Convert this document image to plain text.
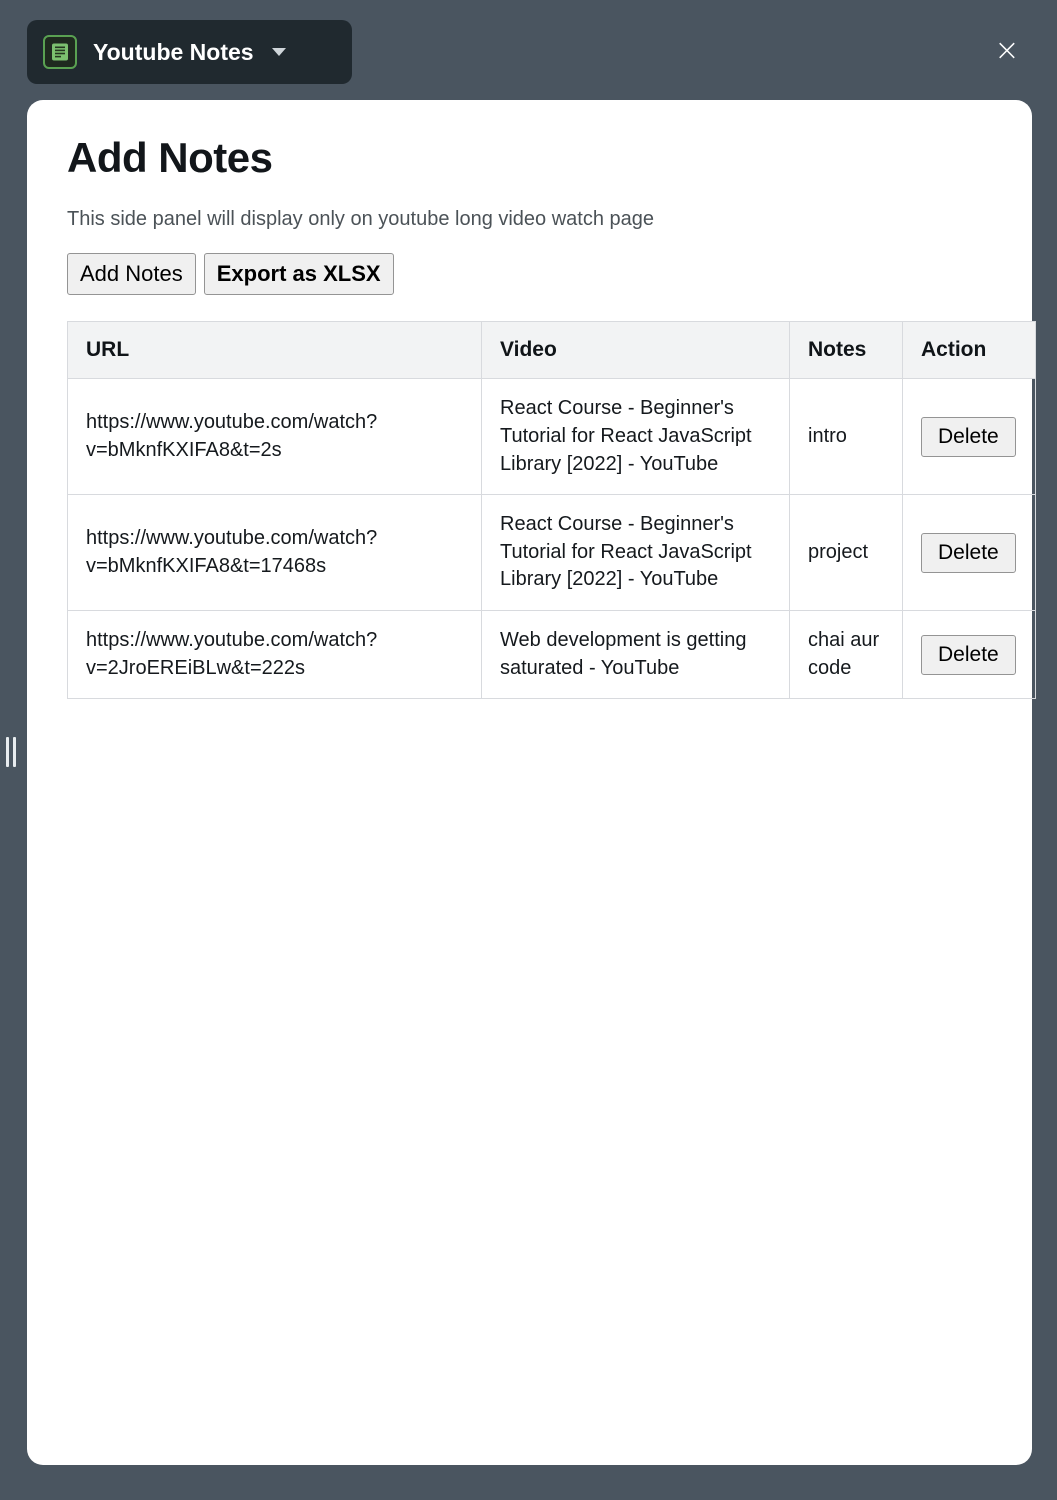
Youtube Notes	×
Add Notes
This side panel will display only on youtube long video watch page
Add Notes	Export as XLSX
URL	Video	Notes	Action
https://www.youtube.com/watch?v=bMknfKXIFA8&t=2s	React Course - Beginner's Tutorial for React JavaScript Library [2022] - YouTube	intro	Delete
https://www.youtube.com/watch?v=bMknfKXIFA8&t=17468s	React Course - Beginner's Tutorial for React JavaScript Library [2022] - YouTube	project	Delete
https://www.youtube.com/watch?v=2JroEREiBLw&t=222s	Web development is getting saturated - YouTube	chai aur code	Delete
